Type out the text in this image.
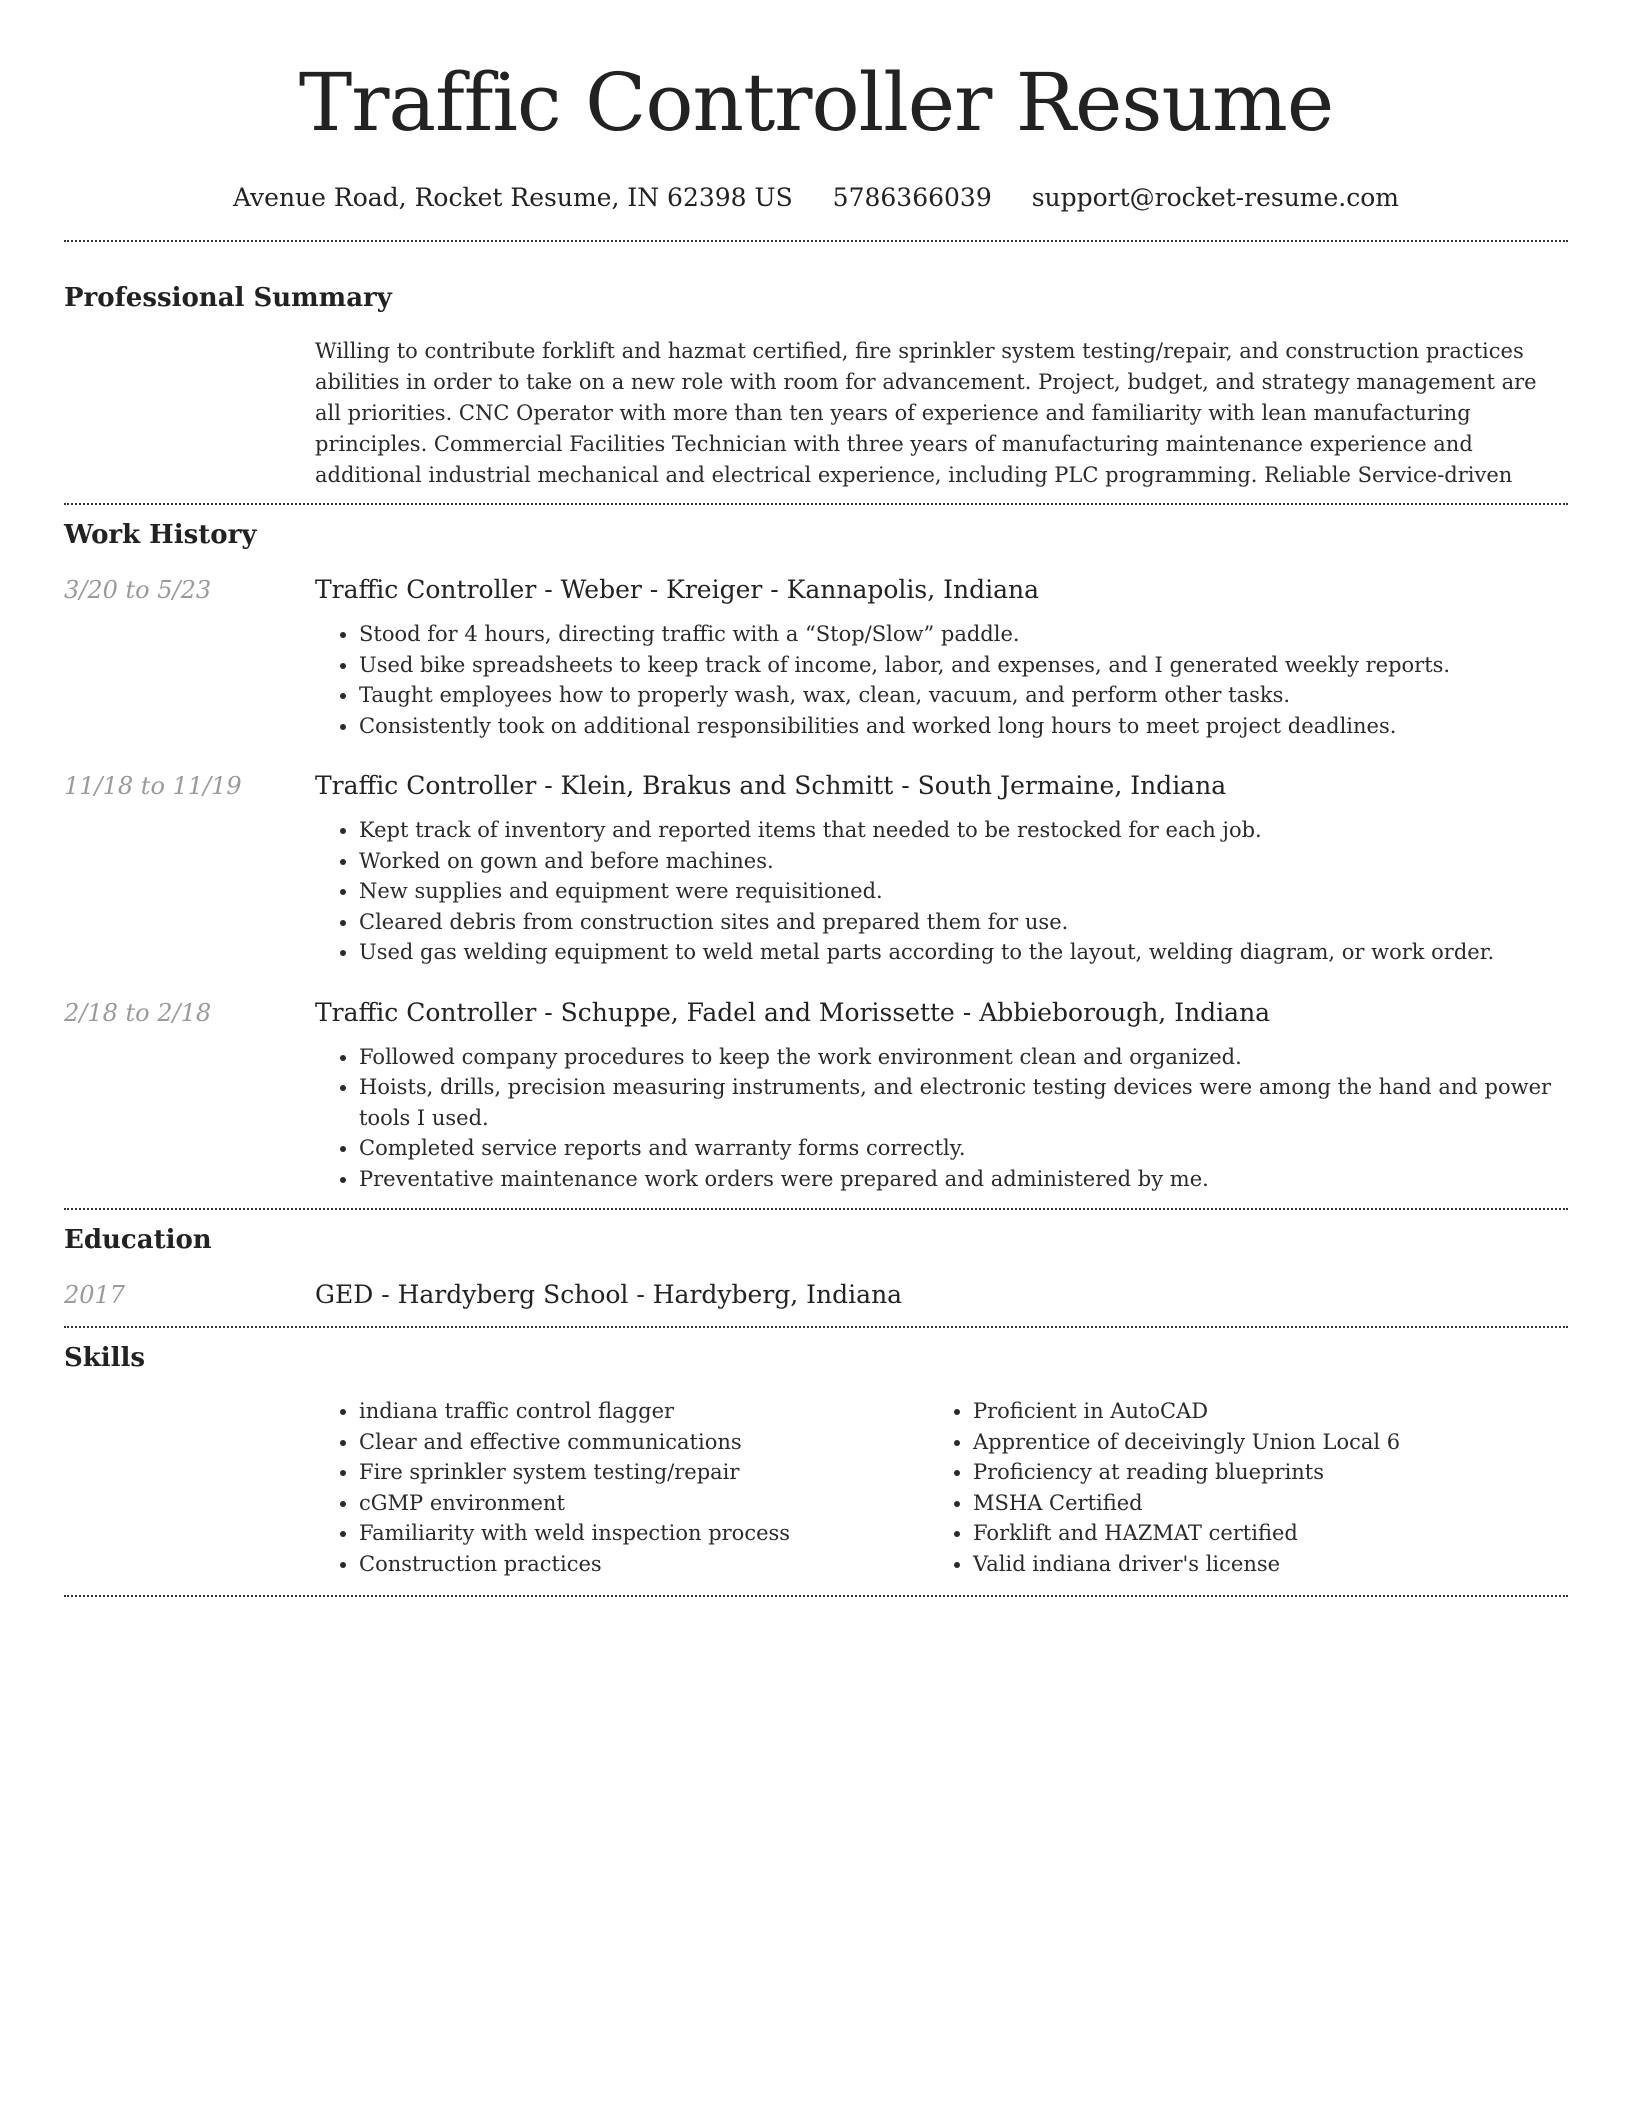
Traffic Controller Resume
Avenue Road, Rocket Resume, IN 62398 US 5786366039 support@rocket-resume.com
Professional Summary

Willing to contribute forklift and hazmat certified, fire sprinkler system testing/repair, and construction practices abilities in order to take on a new role with room for advancement. Project, budget, and strategy management are all priorities. CNC Operator with more than ten years of experience and familiarity with lean manufacturing principles. Commercial Facilities Technician with three years of manufacturing maintenance experience and additional industrial mechanical and electrical experience, including PLC programming. Reliable Service-driven

Work History
3/20 to 5/23	Traffic Controller - Weber - Kreiger - Kannapolis, Indiana
• Stood for 4 hours, directing traffic with a “Stop/Slow” paddle.
• Used bike spreadsheets to keep track of income, labor, and expenses, and I generated weekly reports.
• Taught employees how to properly wash, wax, clean, vacuum, and perform other tasks.
• Consistently took on additional responsibilities and worked long hours to meet project deadlines.
11/18 to 11/19	Traffic Controller - Klein, Brakus and Schmitt - South Jermaine, Indiana
• Kept track of inventory and reported items that needed to be restocked for each job.
• Worked on gown and before machines.
• New supplies and equipment were requisitioned.
• Cleared debris from construction sites and prepared them for use.
• Used gas welding equipment to weld metal parts according to the layout, welding diagram, or work order.
2/18 to 2/18	Traffic Controller - Schuppe, Fadel and Morissette - Abbieborough, Indiana
• Followed company procedures to keep the work environment clean and organized.
• Hoists, drills, precision measuring instruments, and electronic testing devices were among the hand and power tools I used.
• Completed service reports and warranty forms correctly.
• Preventative maintenance work orders were prepared and administered by me.
Education
2017	GED - Hardyberg School - Hardyberg, Indiana
Skills
• indiana traffic control flagger
• Clear and effective communications
• Fire sprinkler system testing/repair
• cGMP environment
• Familiarity with weld inspection process
• Construction practices
• Proficient in AutoCAD
• Apprentice of deceivingly Union Local 6
• Proficiency at reading blueprints
• MSHA Certified
• Forklift and HAZMAT certified
• Valid indiana driver's license
